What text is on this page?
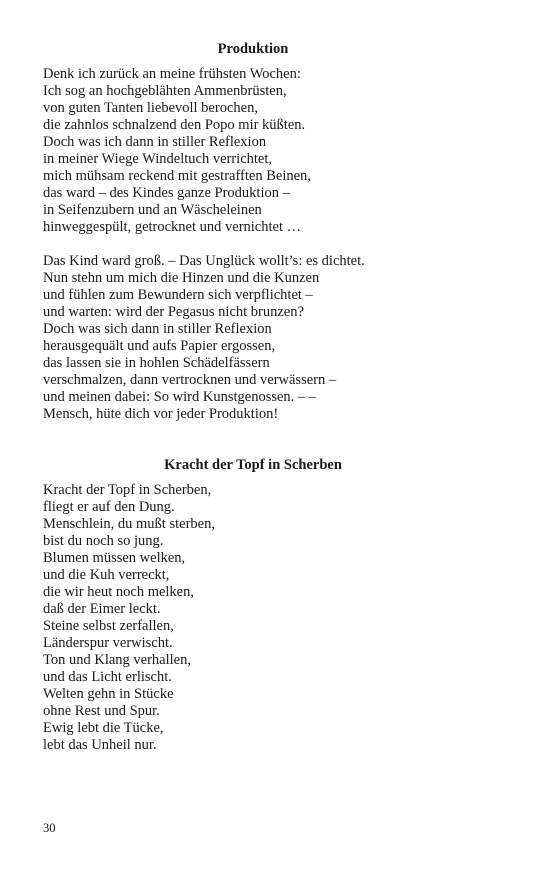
Produktion

Denk ich zurück an meine frühsten Wochen:
Ich sog an hochgeblähten Ammenbrüsten,
von guten Tanten liebevoll berochen,
die zahnlos schnalzend den Popo mir küßten.
Doch was ich dann in stiller Reflexion
in meiner Wiege Windeltuch verrichtet,
mich mühsam reckend mit gestrafften Beinen,
das ward – des Kindes ganze Produktion –
in Seifenzubern und an Wäscheleinen
hinweggespült, getrocknet und vernichtet …

Das Kind ward groß. – Das Unglück wollt’s: es dichtet.
Nun stehn um mich die Hinzen und die Kunzen
und fühlen zum Bewundern sich verpflichtet –
und warten: wird der Pegasus nicht brunzen?
Doch was sich dann in stiller Reflexion
herausgequält und aufs Papier ergossen,
das lassen sie in hohlen Schädelfässern
verschmalzen, dann vertrocknen und verwässern –
und meinen dabei: So wird Kunstgenossen. – –
Mensch, hüte dich vor jeder Produktion!

Kracht der Topf in Scherben

Kracht der Topf in Scherben,
fliegt er auf den Dung.
Menschlein, du mußt sterben,
bist du noch so jung.
Blumen müssen welken,
und die Kuh verreckt,
die wir heut noch melken,
daß der Eimer leckt.
Steine selbst zerfallen,
Länderspur verwischt.
Ton und Klang verhallen,
und das Licht erlischt.
Welten gehn in Stücke
ohne Rest und Spur.
Ewig lebt die Tücke,
lebt das Unheil nur.

30
